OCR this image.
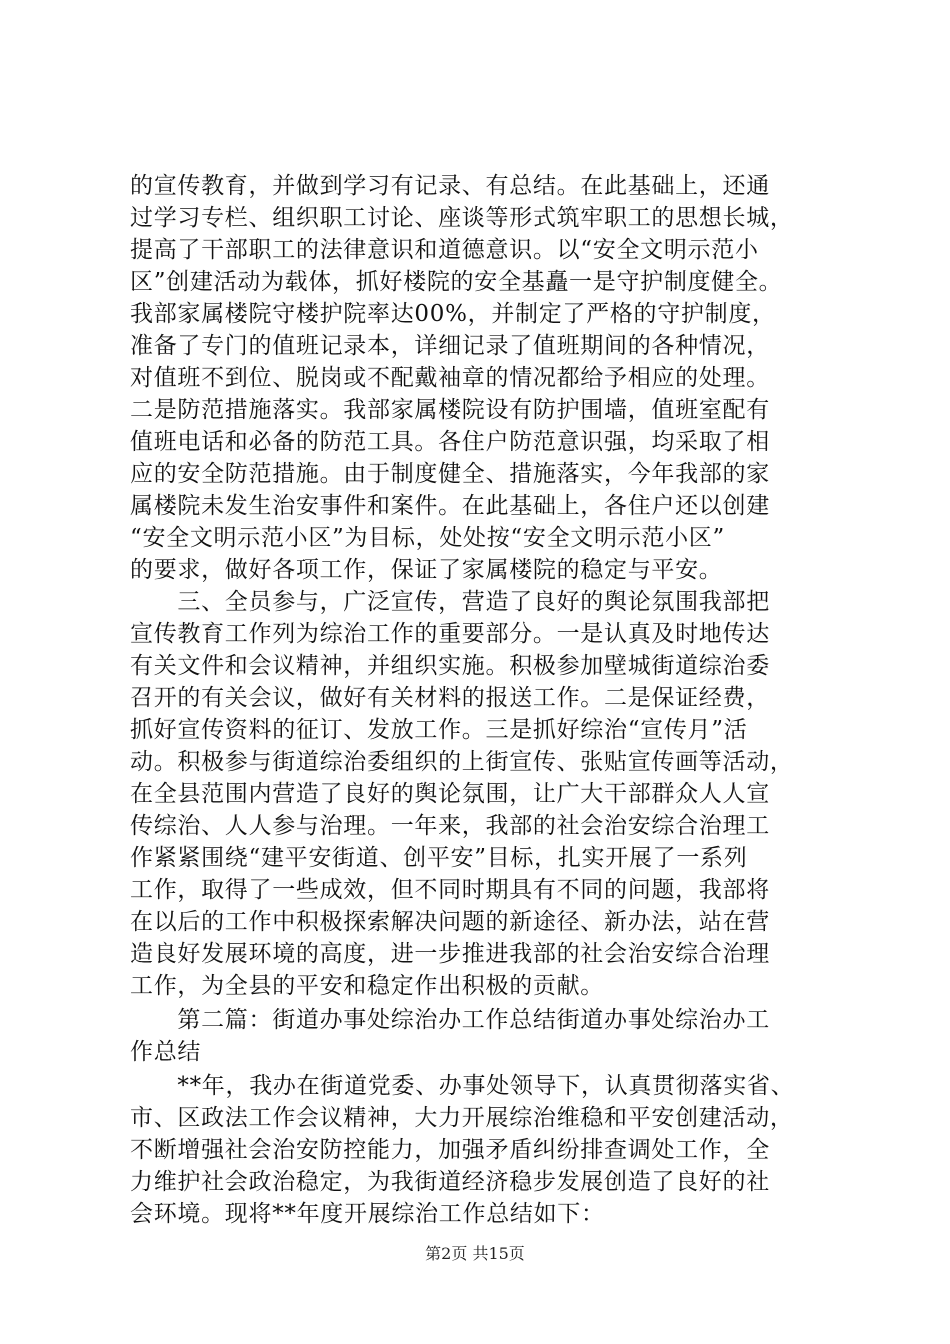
的宣传教育，并做到学习有记录、有总结。在此基础上，还通
过学习专栏、组织职工讨论、座谈等形式筑牢职工的思想长城，
提高了干部职工的法律意识和道德意识。以“安全文明示范小
区”创建活动为载体，抓好楼院的安全基矗一是守护制度健全。
我部家属楼院守楼护院率达00%，并制定了严格的守护制度，
准备了专门的值班记录本，详细记录了值班期间的各种情况，
对值班不到位、脱岗或不配戴袖章的情况都给予相应的处理。
二是防范措施落实。我部家属楼院设有防护围墙，值班室配有
值班电话和必备的防范工具。各住户防范意识强，均采取了相
应的安全防范措施。由于制度健全、措施落实，今年我部的家
属楼院未发生治安事件和案件。在此基础上，各住户还以创建
“安全文明示范小区”为目标，处处按“安全文明示范小区”
的要求，做好各项工作，保证了家属楼院的稳定与平安。
　　三、全员参与，广泛宣传，营造了良好的舆论氛围我部把
宣传教育工作列为综治工作的重要部分。一是认真及时地传达
有关文件和会议精神，并组织实施。积极参加壁城街道综治委
召开的有关会议，做好有关材料的报送工作。二是保证经费，
抓好宣传资料的征订、发放工作。三是抓好综治“宣传月”活
动。积极参与街道综治委组织的上街宣传、张贴宣传画等活动，
在全县范围内营造了良好的舆论氛围，让广大干部群众人人宣
传综治、人人参与治理。一年来，我部的社会治安综合治理工
作紧紧围绕“建平安街道、创平安”目标，扎实开展了一系列
工作，取得了一些成效，但不同时期具有不同的问题，我部将
在以后的工作中积极探索解决问题的新途径、新办法，站在营
造良好发展环境的高度，进一步推进我部的社会治安综合治理
工作，为全县的平安和稳定作出积极的贡献。
　　第二篇：街道办事处综治办工作总结街道办事处综治办工
作总结
　　**年，我办在街道党委、办事处领导下，认真贯彻落实省、
市、区政法工作会议精神，大力开展综治维稳和平安创建活动，
不断增强社会治安防控能力，加强矛盾纠纷排查调处工作，全
力维护社会政治稳定，为我街道经济稳步发展创造了良好的社
会环境。现将**年度开展综治工作总结如下：
第2页 共15页
